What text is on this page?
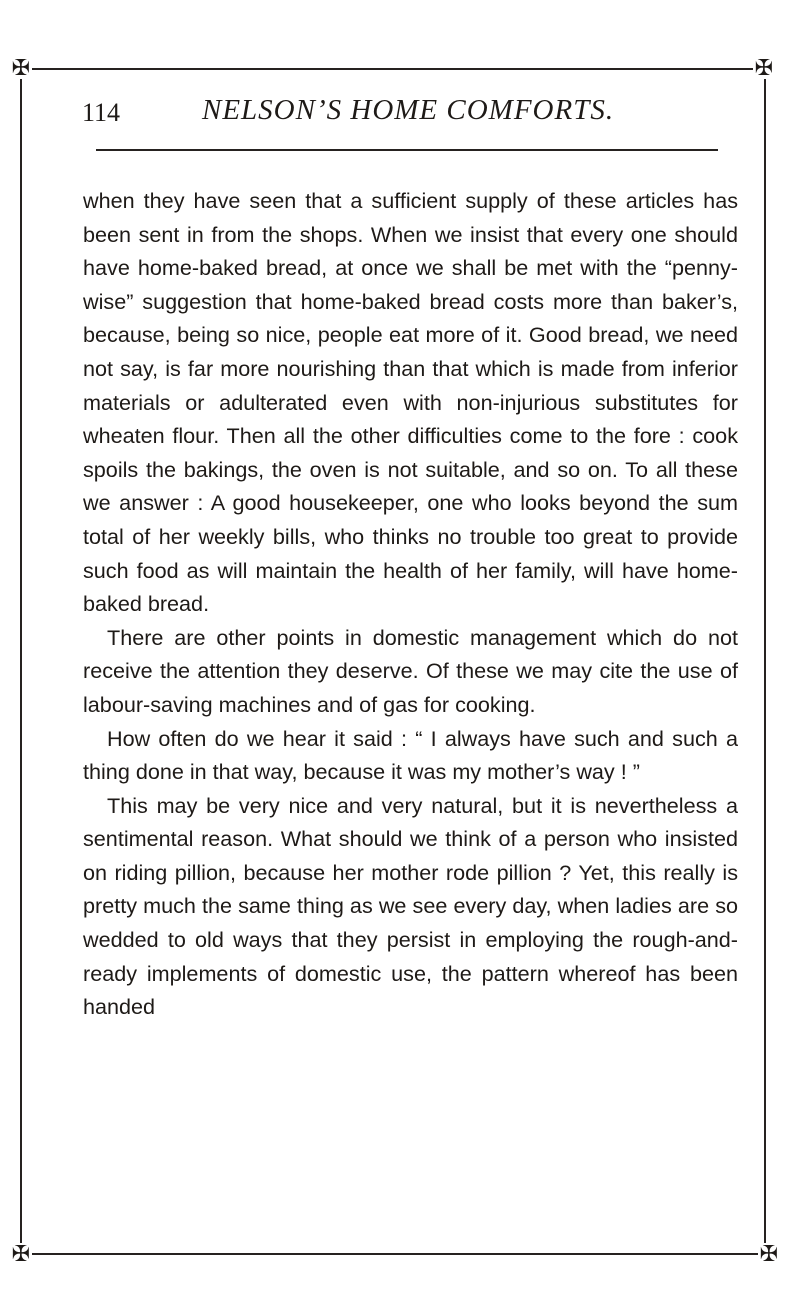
✠	✠
✠	✠
114	NELSON’S HOME COMFORTS.

when they have seen that a sufficient supply of these articles has been sent in from the shops. When we insist that every one should have home-baked bread, at once we shall be met with the “penny-wise” suggestion that home-baked bread costs more than baker’s, because, being so nice, people eat more of it. Good bread, we need not say, is far more nourishing than that which is made from inferior materials or adulterated even with non-injurious substitutes for wheaten flour. Then all the other difficulties come to the fore : cook spoils the bakings, the oven is not suitable, and so on. To all these we answer : A good housekeeper, one who looks beyond the sum total of her weekly bills, who thinks no trouble too great to provide such food as will maintain the health of her family, will have home-baked bread.

There are other points in domestic management which do not receive the attention they deserve. Of these we may cite the use of labour-saving machines and of gas for cooking.

How often do we hear it said : “ I always have such and such a thing done in that way, because it was my mother’s way ! ”

This may be very nice and very natural, but it is nevertheless a sentimental reason. What should we think of a person who insisted on riding pillion, because her mother rode pillion ? Yet, this really is pretty much the same thing as we see every day, when ladies are so wedded to old ways that they persist in employing the rough-and-ready implements of domestic use, the pattern whereof has been handed
